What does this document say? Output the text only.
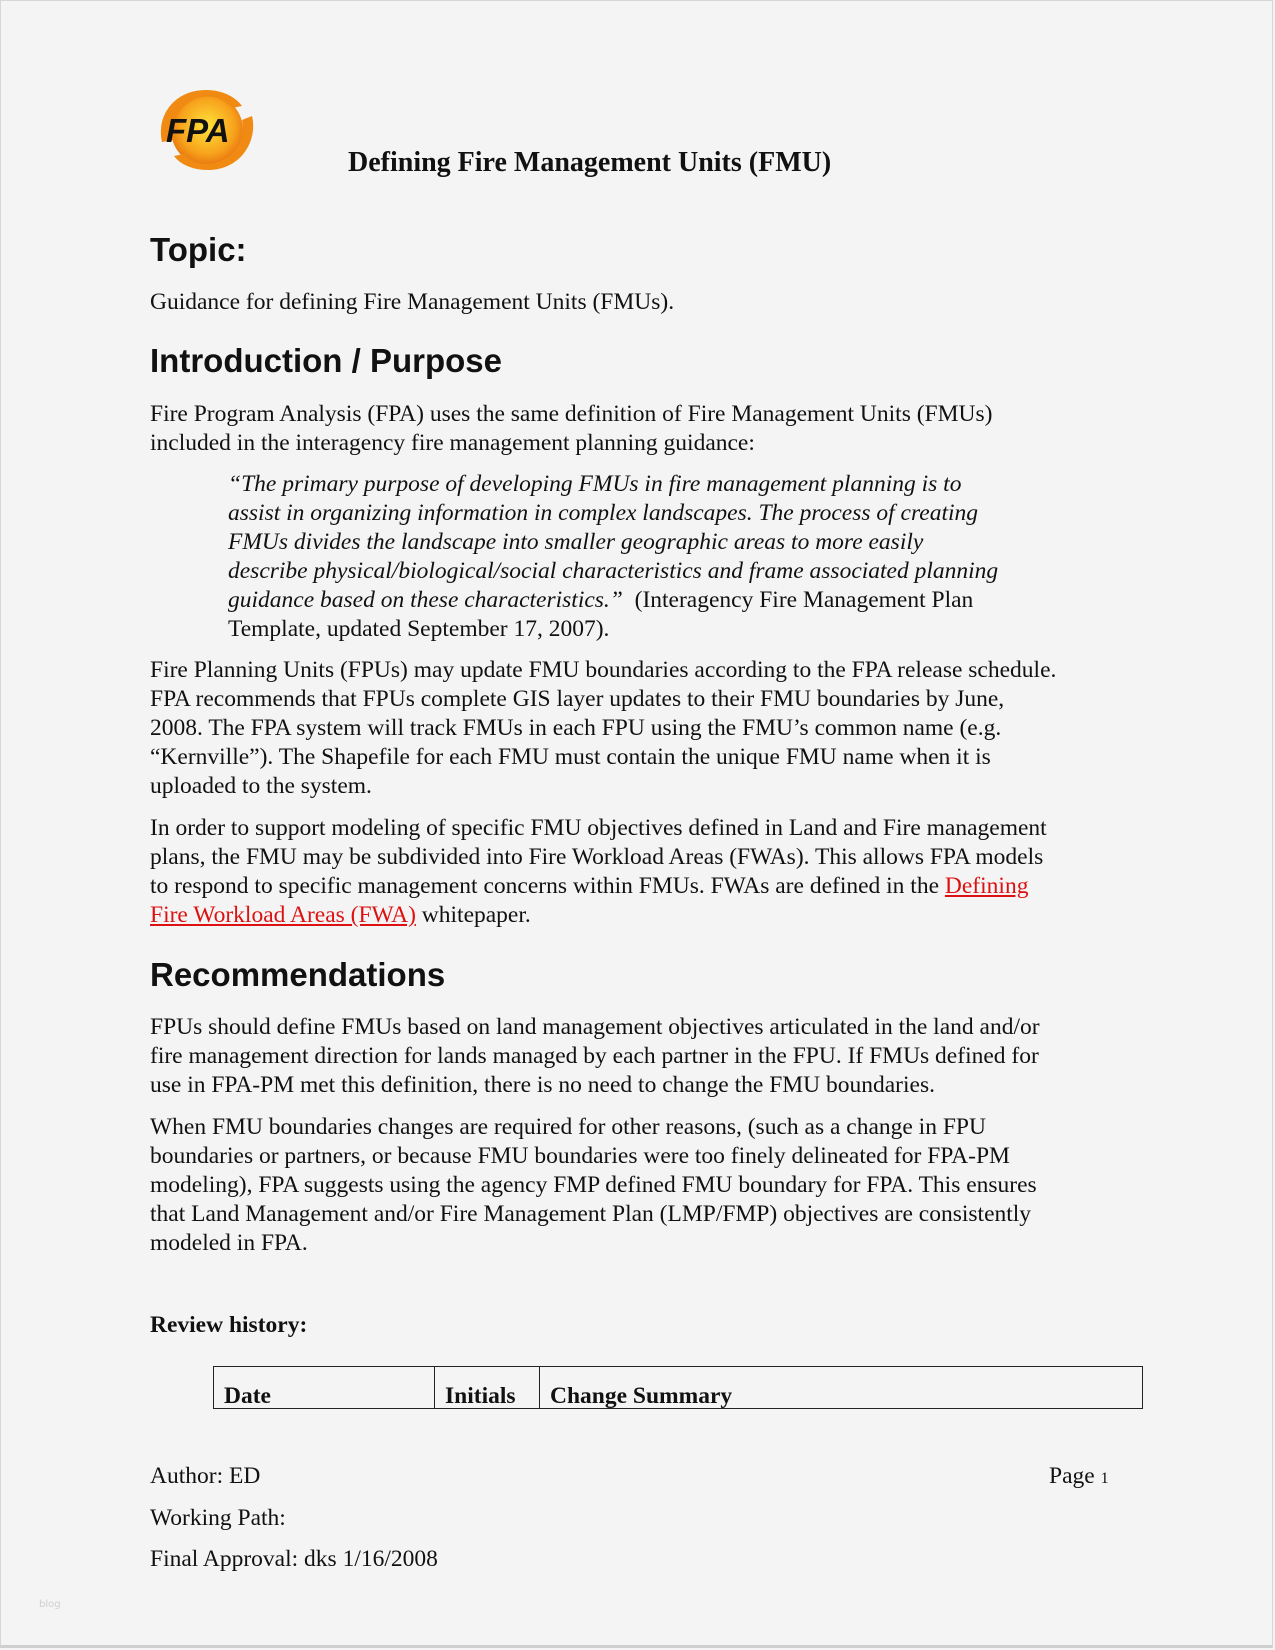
FPA
Defining Fire Management Units (FMU)
Topic:
Guidance for defining Fire Management Units (FMUs).
Introduction / Purpose
Fire Program Analysis (FPA) uses the same definition of Fire Management Units (FMUs)
included in the interagency fire management planning guidance:
“The primary purpose of developing FMUs in fire management planning is to
assist in organizing information in complex landscapes. The process of creating
FMUs divides the landscape into smaller geographic areas to more easily
describe physical/biological/social characteristics and frame associated planning
guidance based on these characteristics.”  (Interagency Fire Management Plan
Template, updated September 17, 2007).
Fire Planning Units (FPUs) may update FMU boundaries according to the FPA release schedule.
FPA recommends that FPUs complete GIS layer updates to their FMU boundaries by June,
2008. The FPA system will track FMUs in each FPU using the FMU’s common name (e.g.
“Kernville”). The Shapefile for each FMU must contain the unique FMU name when it is
uploaded to the system.
In order to support modeling of specific FMU objectives defined in Land and Fire management
plans, the FMU may be subdivided into Fire Workload Areas (FWAs). This allows FPA models
to respond to specific management concerns within FMUs. FWAs are defined in the Defining
Fire Workload Areas (FWA) whitepaper.
Recommendations
FPUs should define FMUs based on land management objectives articulated in the land and/or
fire management direction for lands managed by each partner in the FPU. If FMUs defined for
use in FPA-PM met this definition, there is no need to change the FMU boundaries.
When FMU boundaries changes are required for other reasons, (such as a change in FPU
boundaries or partners, or because FMU boundaries were too finely delineated for FPA-PM
modeling), FPA suggests using the agency FMP defined FMU boundary for FPA. This ensures
that Land Management and/or Fire Management Plan (LMP/FMP) objectives are consistently
modeled in FPA.
Review history:
Date	Initials	Change Summary
Author: ED
Working Path:
Final Approval: dks 1/16/2008
Page 1
blog
